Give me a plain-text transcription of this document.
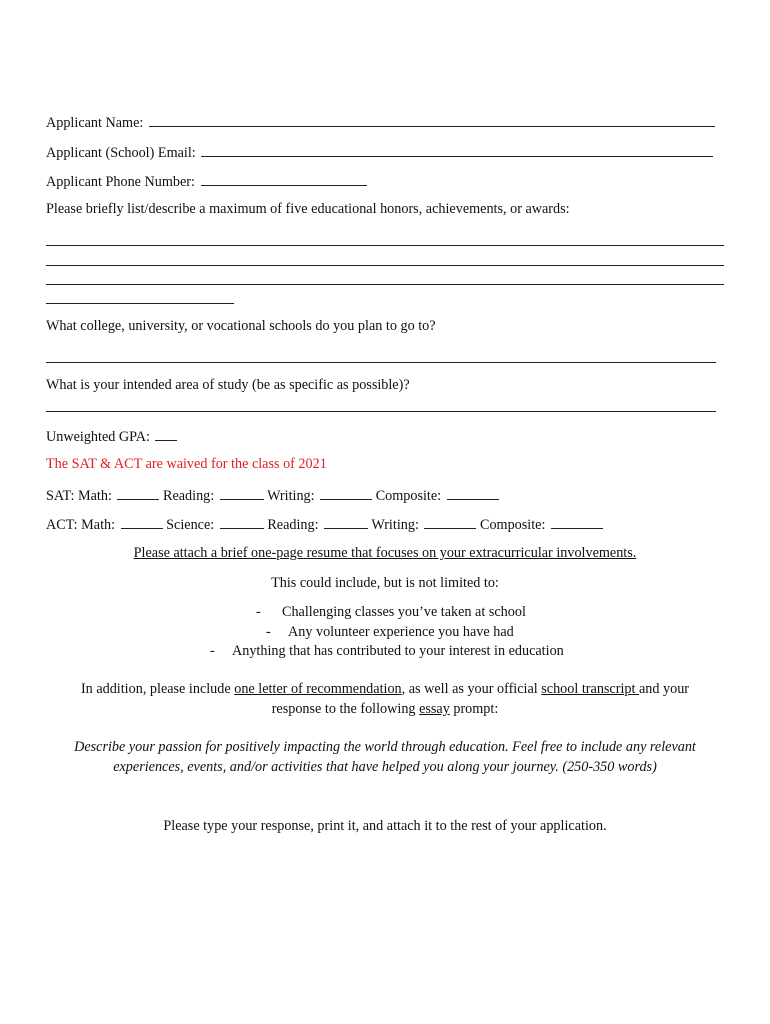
Applicant Name:
Applicant (School) Email:
Applicant Phone Number:
Please briefly list/describe a maximum of five educational honors, achievements, or awards:
What college, university, or vocational schools do you plan to go to?
What is your intended area of study (be as specific as possible)?
Unweighted GPA:
The SAT & ACT are waived for the class of 2021
SAT: Math:	Reading:	Writing:	Composite:
ACT: Math:	Science:	Reading:	Writing:	Composite:
Please attach a brief one-page resume that focuses on your extracurricular involvements.
This could include, but is not limited to:
- Challenging classes you’ve taken at school
- Any volunteer experience you have had
- Anything that has contributed to your interest in education
In addition, please include one letter of recommendation, as well as your official school transcript and your
response to the following essay prompt:
Describe your passion for positively impacting the world through education. Feel free to include any relevant
experiences, events, and/or activities that have helped you along your journey. (250-350 words)
Please type your response, print it, and attach it to the rest of your application.
